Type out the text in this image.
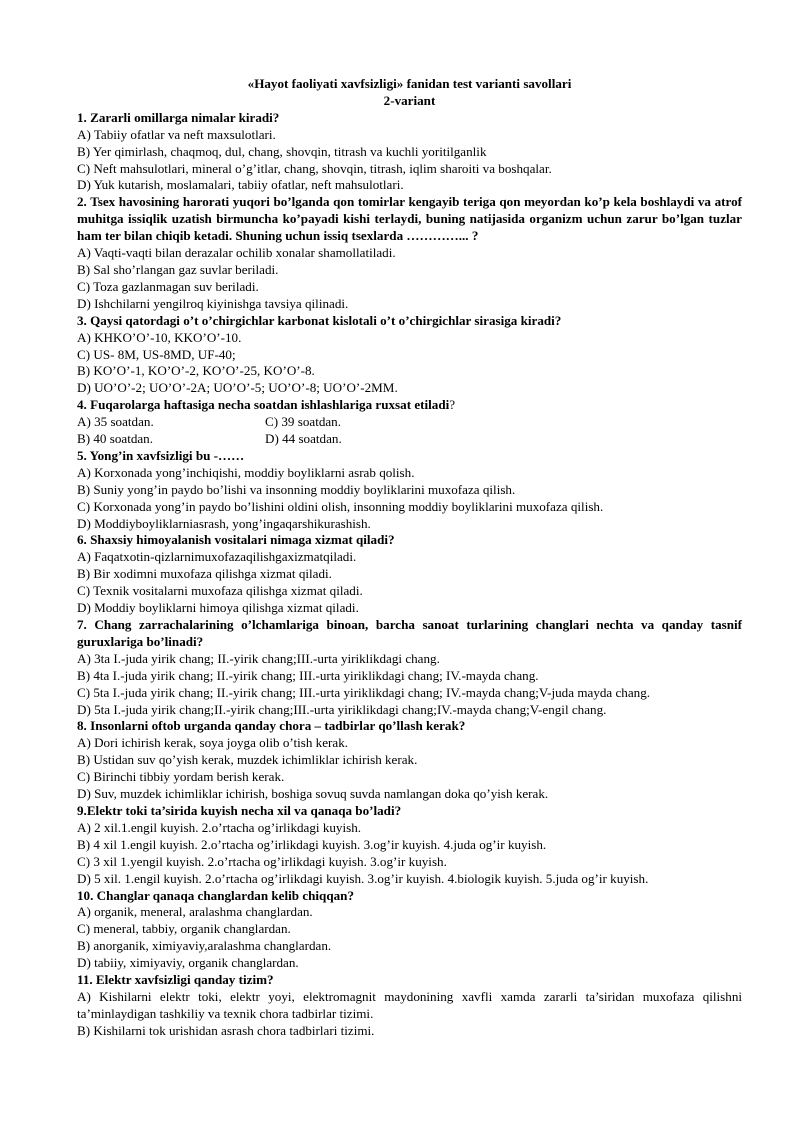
«Hayot faoliyati xavfsizligi» fanidan test varianti savollari

2-variant

1. Zararli omillarga nimalar kiradi?

A) Tabiiy ofatlar va neft maxsulotlari.

B) Yer qimirlash, chaqmoq, dul, chang, shovqin, titrash va kuchli yoritilganlik

C) Neft mahsulotlari, mineral o’g’itlar, chang, shovqin, titrash, iqlim sharoiti va boshqalar.

D) Yuk kutarish, moslamalari, tabiiy ofatlar, neft mahsulotlari.

2. Tsex havosining harorati yuqori bo’lganda qon tomirlar kengayib teriga qon meyordan ko’p kela boshlaydi va atrof muhitga issiqlik uzatish birmuncha ko’payadi kishi terlaydi, buning natijasida organizm uchun zarur bo’lgan tuzlar ham ter bilan chiqib ketadi. Shuning uchun issiq tsexlarda …………... ?

A) Vaqti-vaqti bilan derazalar ochilib xonalar shamollatiladi.

B) Sal sho’rlangan gaz suvlar beriladi.

C) Toza gazlanmagan suv beriladi.

D) Ishchilarni yengilroq kiyinishga tavsiya qilinadi.

3. Qaysi qatordagi o’t o’chirgichlar karbonat kislotali o’t o’chirgichlar sirasiga kiradi?

A) KHKO’O’-10, KKO’O’-10.

C) US- 8M, US-8MD, UF-40;

B) KO’O’-1, KO’O’-2, KO’O’-25, KO’O’-8.

D) UO’O’-2; UO’O’-2A; UO’O’-5; UO’O’-8; UO’O’-2MM.

4. Fuqarolarga haftasiga necha soatdan ishlashlariga ruxsat etiladi?

A) 35 soatdan.	C) 39 soatdan.
B) 40 soatdan.	D) 44 soatdan.

5. Yong’in xavfsizligi bu -……

A) Korxonada yong’inchiqishi, moddiy boyliklarni asrab qolish.

B) Suniy yong’in paydo bo’lishi va insonning moddiy boyliklarini muxofaza qilish.

C) Korxonada yong’in paydo bo’lishini oldini olish, insonning moddiy boyliklarini muxofaza qilish.

D) Moddiyboyliklarniasrash, yong’ingaqarshikurashish.

6. Shaxsiy himoyalanish vositalari nimaga xizmat qiladi?

A) Faqatxotin-qizlarnimuxofazaqilishgaxizmatqiladi.

B) Bir xodimni muxofaza qilishga xizmat qiladi.

C) Texnik vositalarni muxofaza qilishga xizmat qiladi.

D) Moddiy boyliklarni himoya qilishga xizmat qiladi.

7. Chang zarrachalarining o’lchamlariga binoan, barcha sanoat turlarining changlari nechta va qanday tasnif guruxlariga bo’linadi?

A) 3ta I.-juda yirik chang; II.-yirik chang;III.-urta yiriklikdagi chang.

B) 4ta I.-juda yirik chang; II.-yirik chang; III.-urta yiriklikdagi chang; IV.-mayda chang.

C) 5ta I.-juda yirik chang; II.-yirik chang; III.-urta yiriklikdagi chang; IV.-mayda chang;V-juda mayda chang.

D) 5ta I.-juda yirik chang;II.-yirik chang;III.-urta yiriklikdagi chang;IV.-mayda chang;V-engil chang.

8. Insonlarni oftob urganda qanday chora – tadbirlar qo’llash kerak?

A) Dori ichirish kerak, soya joyga olib o’tish kerak.

B) Ustidan suv qo’yish kerak, muzdek ichimliklar ichirish kerak.

C) Birinchi tibbiy yordam berish kerak.

D) Suv, muzdek ichimliklar ichirish, boshiga sovuq suvda namlangan doka qo’yish kerak.

9.Elektr toki ta’sirida kuyish necha xil va qanaqa bo’ladi?

A) 2 xil.1.engil kuyish. 2.o’rtacha og’irlikdagi kuyish.

B) 4 xil 1.engil kuyish. 2.o’rtacha og’irlikdagi kuyish. 3.og’ir kuyish. 4.juda og’ir kuyish.

C) 3 xil 1.yengil kuyish. 2.o’rtacha og’irlikdagi kuyish. 3.og’ir kuyish.

D) 5 xil. 1.engil kuyish. 2.o’rtacha og’irlikdagi kuyish. 3.og’ir kuyish. 4.biologik kuyish. 5.juda og’ir kuyish.

10. Changlar qanaqa changlardan kelib chiqqan?

A) organik, meneral, aralashma changlardan.

C) meneral, tabbiy, organik changlardan.

B) anorganik, ximiyaviy,aralashma changlardan.

D) tabiiy, ximiyaviy, organik changlardan.

11. Elektr xavfsizligi qanday tizim?

A) Kishilarni elektr toki, elektr yoyi, elektromagnit maydonining xavfli xamda zararli ta’siridan muxofaza qilishni ta’minlaydigan tashkiliy va texnik chora tadbirlar tizimi.

B) Kishilarni tok urishidan asrash chora tadbirlari tizimi.
